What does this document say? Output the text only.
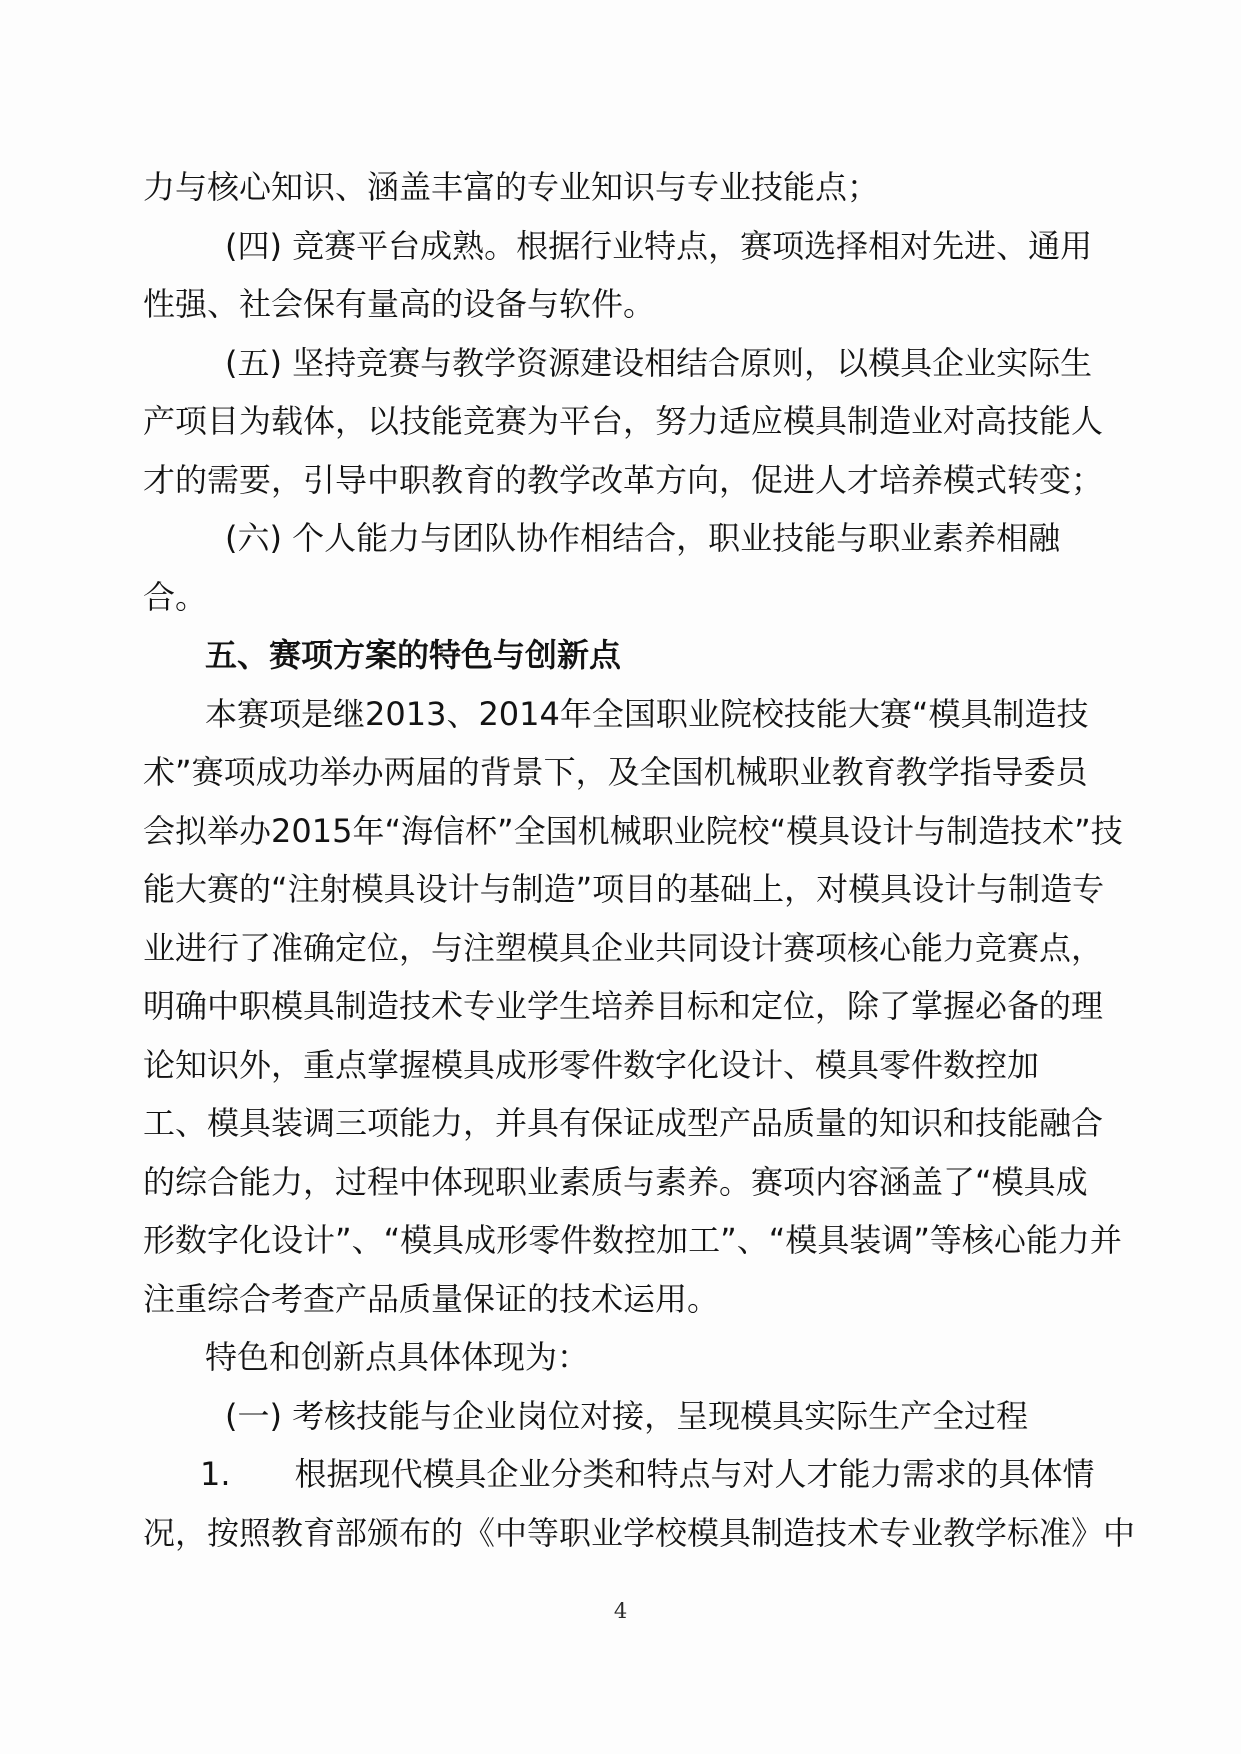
力与核心知识、涵盖丰富的专业知识与专业技能点；
(四) 竞赛平台成熟。根据行业特点，赛项选择相对先进、通用
性强、社会保有量高的设备与软件。
(五) 坚持竞赛与教学资源建设相结合原则，以模具企业实际生
产项目为载体，以技能竞赛为平台，努力适应模具制造业对高技能人
才的需要，引导中职教育的教学改革方向，促进人才培养模式转变；
(六) 个人能力与团队协作相结合，职业技能与职业素养相融
合。
五、赛项方案的特色与创新点
本赛项是继2013、2014年全国职业院校技能大赛“模具制造技
术”赛项成功举办两届的背景下，及全国机械职业教育教学指导委员
会拟举办2015年“海信杯”全国机械职业院校“模具设计与制造技术”技
能大赛的“注射模具设计与制造”项目的基础上，对模具设计与制造专
业进行了准确定位，与注塑模具企业共同设计赛项核心能力竞赛点，
明确中职模具制造技术专业学生培养目标和定位，除了掌握必备的理
论知识外，重点掌握模具成形零件数字化设计、模具零件数控加
工、模具装调三项能力，并具有保证成型产品质量的知识和技能融合
的综合能力，过程中体现职业素质与素养。赛项内容涵盖了“模具成
形数字化设计”、“模具成形零件数控加工”、“模具装调”等核心能力并
注重综合考查产品质量保证的技术运用。
特色和创新点具体体现为：
(一) 考核技能与企业岗位对接，呈现模具实际生产全过程
1.　　根据现代模具企业分类和特点与对人才能力需求的具体情
况，按照教育部颁布的《中等职业学校模具制造技术专业教学标准》中
4
